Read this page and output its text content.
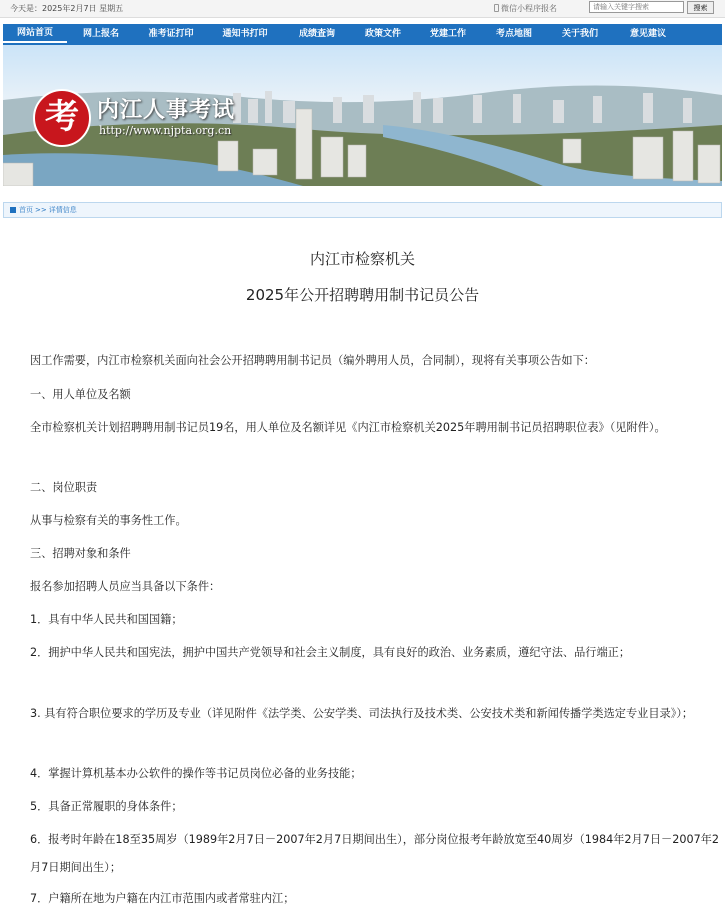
今天是：2025年2月7日 星期五	微信小程序报名
请输入关键字搜索	搜索
网站首页	网上报名	准考证打印	通知书打印	成绩查询	政策文件	党建工作	考点地图	关于我们	意见建议
考 内江人事考试
http://www.njpta.org.cn
首页 >> 详情信息
内江市检察机关
2025年公开招聘聘用制书记员公告
因工作需要，内江市检察机关面向社会公开招聘聘用制书记员（编外聘用人员，合同制），现将有关事项公告如下：
一、用人单位及名额
全市检察机关计划招聘聘用制书记员19名，用人单位及名额详见《内江市检察机关2025年聘用制书记员招聘职位表》（见附件）。
二、岗位职责
从事与检察有关的事务性工作。
三、招聘对象和条件
报名参加招聘人员应当具备以下条件：
1．具有中华人民共和国国籍；
2．拥护中华人民共和国宪法，拥护中国共产党领导和社会主义制度，具有良好的政治、业务素质，遵纪守法、品行端正；
3. 具有符合职位要求的学历及专业（详见附件《法学类、公安学类、司法执行及技术类、公安技术类和新闻传播学类选定专业目录》）；
4．掌握计算机基本办公软件的操作等书记员岗位必备的业务技能；
5．具备正常履职的身体条件；
6．报考时年龄在18至35周岁（1989年2月7日－2007年2月7日期间出生），部分岗位报考年龄放宽至40周岁（1984年2月7日－2007年2月7日期间出生）；
7．户籍所在地为户籍在内江市范围内或者常驻内江；
